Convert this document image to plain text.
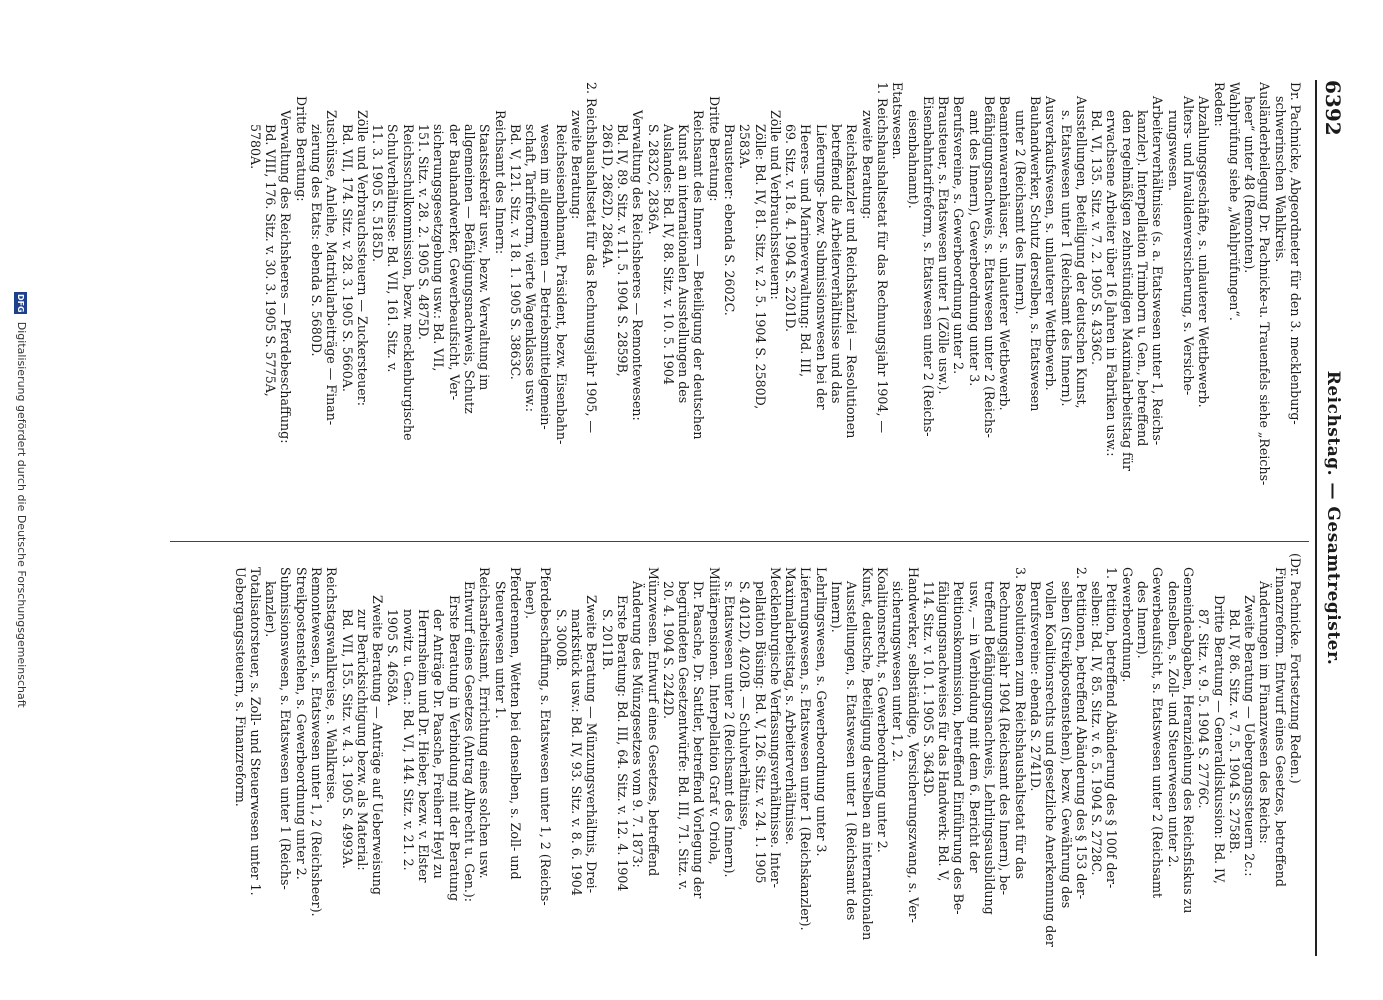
6392
Reichstag. — Gesamtregister.
Dr. Pachnicke, Abgeordneter für den 3. mecklenburg-
schwerinschen Wahlkreis.
Ausländerbeilegung Dr. Pachnicke-u. Trauenfels siehe „Reichs-
heer“ unter 48 (Remonten).
Wahlprüfung siehe „Wahlprüfungen“.
Reden:
Abzahlungsgeschäfte, s. unlauterer Wettbewerb.
Alters- und Invalidenversicherung, s. Versiche-
rungswesen.
Arbeiterverhältnisse (s. a. Etatswesen unter 1, Reichs-
kanzler). Interpellation Trimborn u. Gen., betreffend
den regelmäßigen zehnstündigen Maximalarbeitstag für
erwachsene Arbeiter über 16 Jahren in Fabriken usw.:
Bd. VI, 135. Sitz. v. 7. 2. 1905 S. 4336C.
Ausstellungen, Beteiligung der deutschen Kunst,
s. Etatswesen unter 1 (Reichsamt des Innern).
Ausverkaufswesen, s. unlauterer Wettbewerb.
Bauhandwerker, Schutz derselben, s. Etatswesen
unter 2 (Reichsamt des Innern).
Beamtenwarenhäuser, s. unlauterer Wettbewerb.
Befähigungsnachweis, s. Etatswesen unter 2 (Reichs-
amt des Innern), Gewerbeordnung unter 3.
Berufsvereine, s. Gewerbeordnung unter 2.
Brausteuer, s. Etatswesen unter 1 (Zölle usw.).
Eisenbahntarifreform, s. Etatswesen unter 2 (Reichs-
eisenbahnamt).
Etatswesen.
1. Reichshaushaltsetat für das Rechnungsjahr 1904, —
zweite Beratung:
Reichskanzler und Reichskanzlei — Resolutionen
betreffend die Arbeiterverhältnisse und das
Lieferungs- bezw. Submissionswesen bei der
Heeres- und Marineverwaltung: Bd. III,
69. Sitz. v. 18. 4. 1904 S. 2201D.
Zölle und Verbrauchssteuern:
Zölle: Bd. IV, 81. Sitz. v. 2. 5. 1904 S. 2580D,
2583A.
Brausteuer: ebenda S. 2602C.
Dritte Beratung:
Reichsamt des Innern — Beteiligung der deutschen
Kunst an internationalen Ausstellungen des
Auslandes: Bd. IV, 88. Sitz. v. 10. 5. 1904
S. 2832C, 2836A.
Verwaltung des Reichsheeres — Remontewesen:
Bd. IV, 89. Sitz. v. 11. 5. 1904 S. 2859B,
2861D, 2862D, 2864A.
2. Reichshaushaltsetat für das Rechnungsjahr 1905, —
zweite Beratung:
Reichseisenbahnamt, Präsident, bezw. Eisenbahn-
wesen im allgemeinen — Betriebsmittelgemein-
schaft, Tarifreform, vierte Wagenklasse usw.:
Bd. V, 121. Sitz. v. 18. 1. 1905 S. 3863C.
Reichsamt des Innern:
Staatssekretär usw., bezw. Verwaltung im
allgemeinen — Befähigungsnachweis, Schutz
der Bauhandwerker, Gewerbeaufsicht, Ver-
sicherungsgesetzgebung usw.: Bd. VII,
151. Sitz. v. 28. 2. 1905 S. 4875D.
Reichsschulkommission, bezw. mecklenburgische
Schulverhältnisse: Bd. VII, 161. Sitz. v.
11. 3. 1905 S. 5185D.
Zölle und Verbrauchssteuern — Zuckersteuer:
Bd. VII, 174. Sitz. v. 28. 3. 1905 S. 5660A.
Zuschüsse, Anleihe, Matrikularbeiträge — Finan-
zierung des Etats: ebenda S. 5680D.
Dritte Beratung:
Verwaltung des Reichsheeres — Pferdebeschaffung:
Bd. VIII, 176. Sitz. v. 30. 3. 1905 S. 5775A,
5780A.
(Dr. Pachnicke. Fortsetzung Reden.)
Finanzreform. Entwurf eines Gesetzes, betreffend
Änderungen im Finanzwesen des Reichs:
Zweite Beratung — Uebergangssteuern 2c.:
Bd. IV, 86. Sitz. v. 7. 5. 1904 S. 2758B.
Dritte Beratung — Generaldiskussion: Bd. IV,
87. Sitz. v. 9. 5. 1904 S. 2776C.
Gemeindeabgaben, Heranziehung des Reichsfiskus zu
denselben, s. Zoll- und Steuerwesen unter 2.
Gewerbeaufsicht, s. Etatswesen unter 2 (Reichsamt
des Innern).
Gewerbeordnung.
1. Petition, betreffend Abänderung des § 100f der-
selben: Bd. IV, 85. Sitz. v. 6. 5. 1904 S. 2728C.
2. Petitionen, betreffend Abänderung des § 153 der-
selben (Streikpostenstehen), bezw. Gewährung des
vollen Koalitionsrechts und gesetzliche Anerkennung der
Berufsvereine: ebenda S. 2741D.
3. Resolutionen zum Reichshaushaltsetat für das
Rechnungsjahr 1904 (Reichsamt des Innern), be-
treffend Befähigungsnachweis, Lehrlingsausbildung
usw., — in Verbindung mit dem 6. Bericht der
Petitionskommission, betreffend Einführung des Be-
fähigungsnachweises für das Handwerk: Bd. V,
114. Sitz. v. 10. 1. 1905 S. 3643D.
Handwerker, selbständige, Versicherungszwang, s. Ver-
sicherungswesen unter 1, 2.
Koalitionsrecht, s. Gewerbeordnung unter 2.
Kunst, deutsche, Beteiligung derselben an internationalen
Ausstellungen, s. Etatswesen unter 1 (Reichsamt des
Innern).
Lehrlingswesen, s. Gewerbeordnung unter 3.
Lieferungswesen, s. Etatswesen unter 1 (Reichskanzler).
Maximalarbeitstag, s. Arbeiterverhältnisse.
Mecklenburgische Verfassungsverhältnisse. Inter-
pellation Büsing: Bd. V, 126. Sitz. v. 24. 1. 1905
S. 4012D, 4020B. — Schulverhältnisse,
s. Etatswesen unter 2 (Reichsamt des Innern).
Militärpensionen. Interpellation Graf v. Oriola,
Dr. Paasche, Dr. Sattler, betreffend Vorlegung der
begründeten Gesetzentwürfe: Bd. III, 71. Sitz. v.
20. 4. 1904 S. 2242D.
Münzwesen. Entwurf eines Gesetzes, betreffend
Änderung des Münzgesetzes vom 9. 7. 1873:
Erste Beratung: Bd. III, 64. Sitz. v. 12. 4. 1904
S. 2011B.
Zweite Beratung — Münzungsverhältnis, Drei-
markstück usw.: Bd. IV, 93. Sitz. v. 8. 6. 1904
S. 3000B.
Pferdebeschaffung, s. Etatswesen unter 1, 2 (Reichs-
heer).
Pferderennen, Wetten bei denselben, s. Zoll- und
Steuerwesen unter 1.
Reichsarbeitsamt, Errichtung eines solchen usw.
Entwurf eines Gesetzes (Antrag Albrecht u. Gen.):
Erste Beratung in Verbindung mit der Beratung
der Anträge Dr. Paasche, Freiherr Heyl zu
Herrnsheim und Dr. Hieber, bezw. v. Elster
nowitz u. Gen.: Bd. VI, 144. Sitz. v. 21. 2.
1905 S. 4658A.
Zweite Beratung — Anträge auf Ueberweisung
zur Berücksichtigung bezw. als Material:
Bd. VII, 155. Sitz. v. 4. 3. 1905 S. 4993A.
Reichstagswahlkreise, s. Wahlkreise.
Remontewesen, s. Etatswesen unter 1, 2 (Reichsheer).
Streikpostenstehen, s. Gewerbeordnung unter 2.
Submissionswesen, s. Etatswesen unter 1 (Reichs-
kanzler).
Totalisatorsteuer, s. Zoll- und Steuerwesen unter 1.
Uebergangssteuern, s. Finanzreform.
DFG Digitalisierung gefördert durch die Deutsche Forschungsgemeinschaft
